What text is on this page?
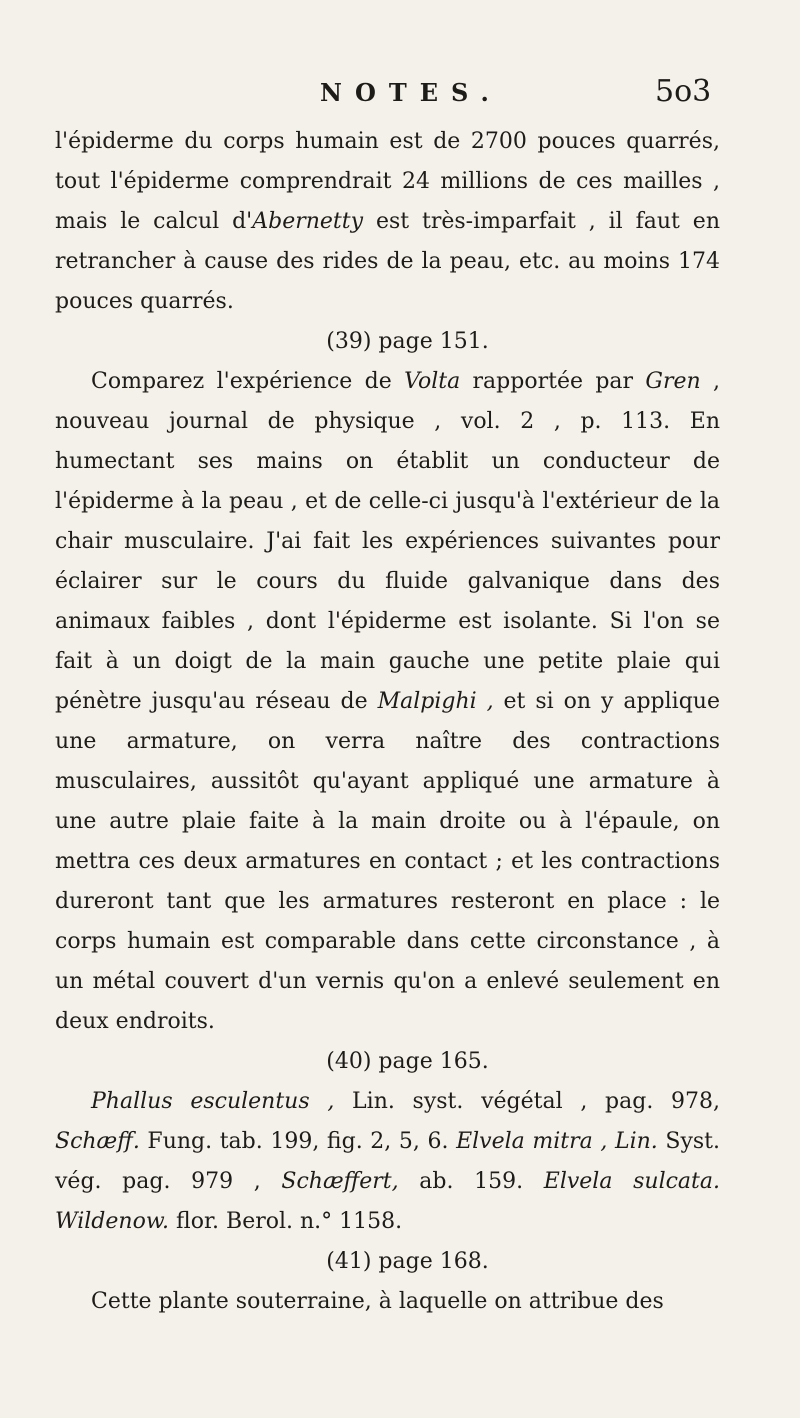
NOTES.	5o3

l'épiderme du corps humain est de 2700 pouces quarrés, tout l'épiderme comprendrait 24 millions de ces mailles , mais le calcul d'Abernetty est très-imparfait , il faut en retrancher à cause des rides de la peau, etc. au moins 174 pouces quarrés.

(39) page 151.

Comparez l'expérience de Volta rapportée par Gren , nouveau journal de physique , vol. 2 , p. 113. En humectant ses mains on établit un conducteur de l'épiderme à la peau , et de celle-ci jusqu'à l'extérieur de la chair musculaire. J'ai fait les expériences suivantes pour éclairer sur le cours du fluide galvanique dans des animaux faibles , dont l'épiderme est isolante. Si l'on se fait à un doigt de la main gauche une petite plaie qui pénètre jusqu'au réseau de Malpighi , et si on y applique une armature, on verra naître des contractions musculaires, aussitôt qu'ayant appliqué une armature à une autre plaie faite à la main droite ou à l'épaule, on mettra ces deux armatures en contact ; et les contractions dureront tant que les armatures resteront en place : le corps humain est comparable dans cette circonstance , à un métal couvert d'un vernis qu'on a enlevé seulement en deux endroits.

(40) page 165.

Phallus esculentus , Lin. syst. végétal , pag. 978, Schæff. Fung. tab. 199, fig. 2, 5, 6. Elvela mitra , Lin. Syst. vég. pag. 979 , Schæffert, ab. 159. Elvela sulcata. Wildenow. flor. Berol. n.° 1158.

(41) page 168.

Cette plante souterraine, à laquelle on attribue des
